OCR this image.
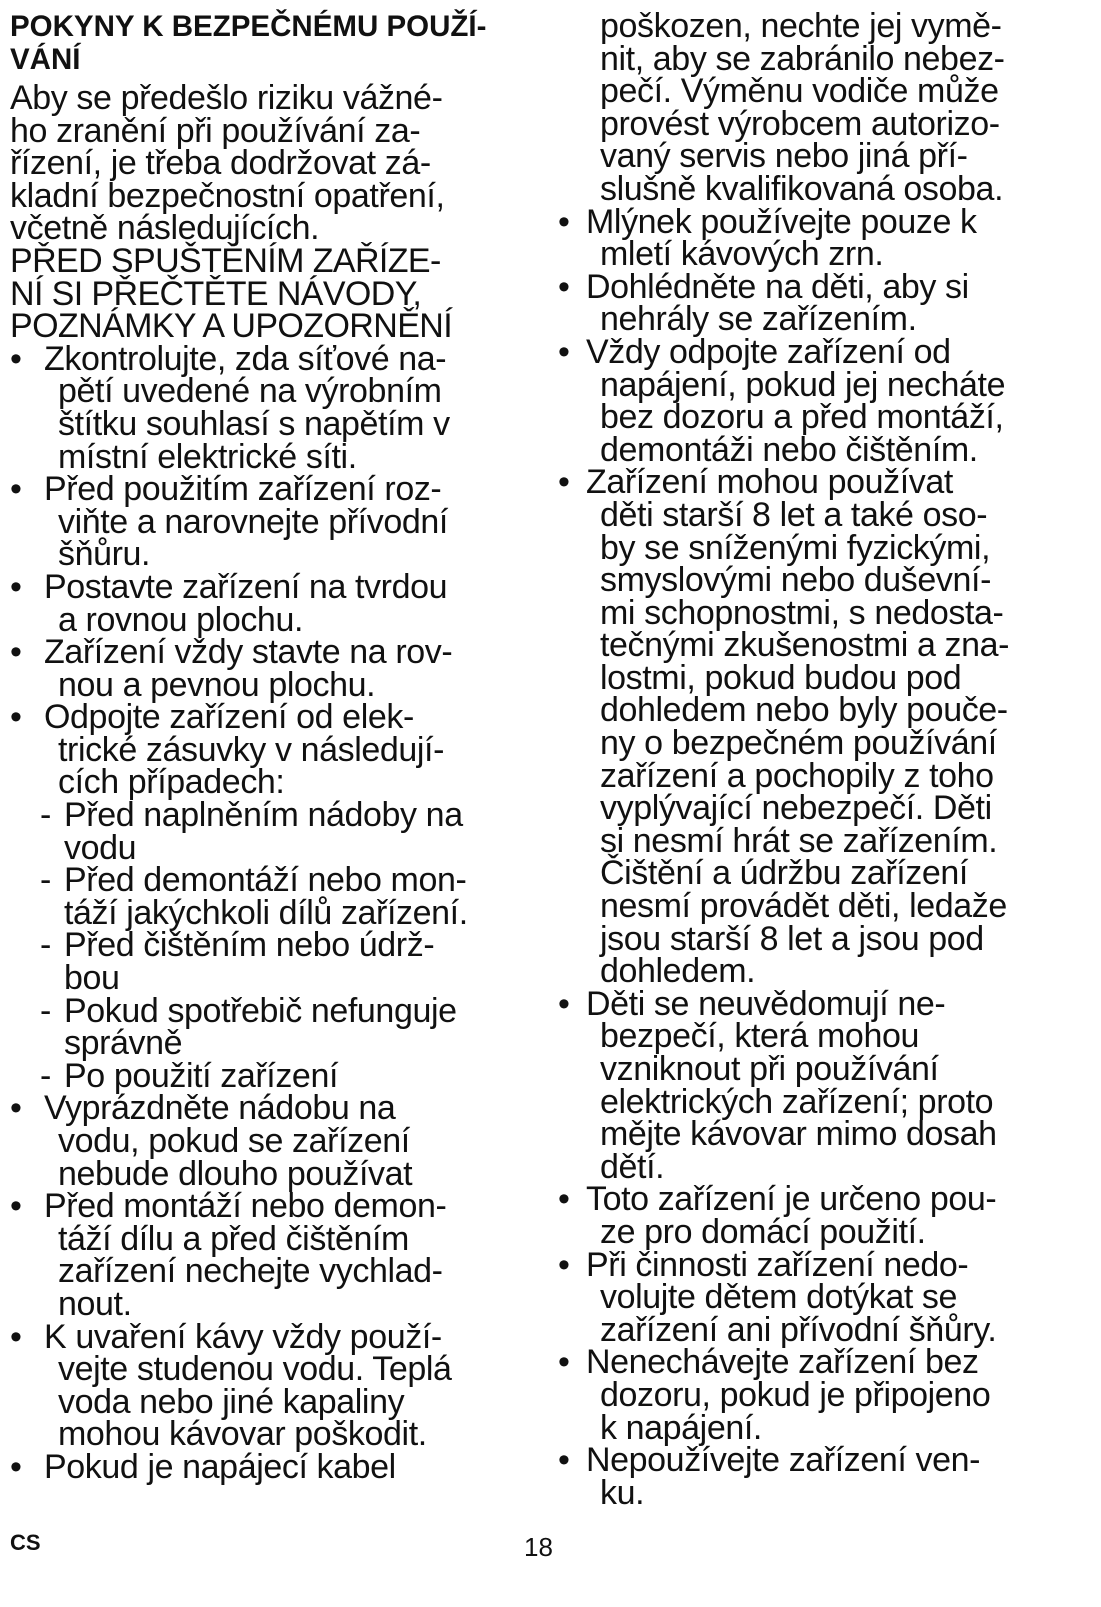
POKYNY K BEZPEČNÉMU POUŽÍ-
VÁNÍ
Aby se předešlo riziku vážné-
ho zranění při používání za-
řízení, je třeba dodržovat zá-
kladní bezpečnostní opatření,
včetně následujících.
PŘED SPUŠTĚNÍM ZAŘÍZE-
NÍ SI PŘEČTĚTE NÁVODY,
POZNÁMKY A UPOZORNĚNÍ
• Zkontrolujte, zda síťové na-
pětí uvedené na výrobním
štítku souhlasí s napětím v
místní elektrické síti.
• Před použitím zařízení roz-
viňte a narovnejte přívodní
šňůru.
• Postavte zařízení na tvrdou
a rovnou plochu.
• Zařízení vždy stavte na rov-
nou a pevnou plochu.
• Odpojte zařízení od elek-
trické zásuvky v následují-
cích případech:
- Před naplněním nádoby na
vodu
- Před demontáží nebo mon-
táží jakýchkoli dílů zařízení.
- Před čištěním nebo údrž-
bou
- Pokud spotřebič nefunguje
správně
- Po použití zařízení
• Vyprázdněte nádobu na
vodu, pokud se zařízení
nebude dlouho používat
• Před montáží nebo demon-
táží dílu a před čištěním
zařízení nechejte vychlad-
nout.
• K uvaření kávy vždy použí-
vejte studenou vodu. Teplá
voda nebo jiné kapaliny
mohou kávovar poškodit.
• Pokud je napájecí kabel
poškozen, nechte jej vymě-
nit, aby se zabránilo nebez-
pečí. Výměnu vodiče může
provést výrobcem autorizo-
vaný servis nebo jiná pří-
slušně kvalifikovaná osoba.
• Mlýnek používejte pouze k
mletí kávových zrn.
• Dohlédněte na děti, aby si
nehrály se zařízením.
• Vždy odpojte zařízení od
napájení, pokud jej necháte
bez dozoru a před montáží,
demontáži nebo čištěním.
• Zařízení mohou používat
děti starší 8 let a také oso-
by se sníženými fyzickými,
smyslovými nebo duševní-
mi schopnostmi, s nedosta-
tečnými zkušenostmi a zna-
lostmi, pokud budou pod
dohledem nebo byly pouče-
ny o bezpečném používání
zařízení a pochopily z toho
vyplývající nebezpečí. Děti
si nesmí hrát se zařízením.
Čištění a údržbu zařízení
nesmí provádět děti, ledaže
jsou starší 8 let a jsou pod
dohledem.
• Děti se neuvědomují ne-
bezpečí, která mohou
vzniknout při používání
elektrických zařízení; proto
mějte kávovar mimo dosah
dětí.
• Toto zařízení je určeno pou-
ze pro domácí použití.
• Při činnosti zařízení nedo-
volujte dětem dotýkat se
zařízení ani přívodní šňůry.
• Nenechávejte zařízení bez
dozoru, pokud je připojeno
k napájení.
• Nepoužívejte zařízení ven-
ku.
CS	18
